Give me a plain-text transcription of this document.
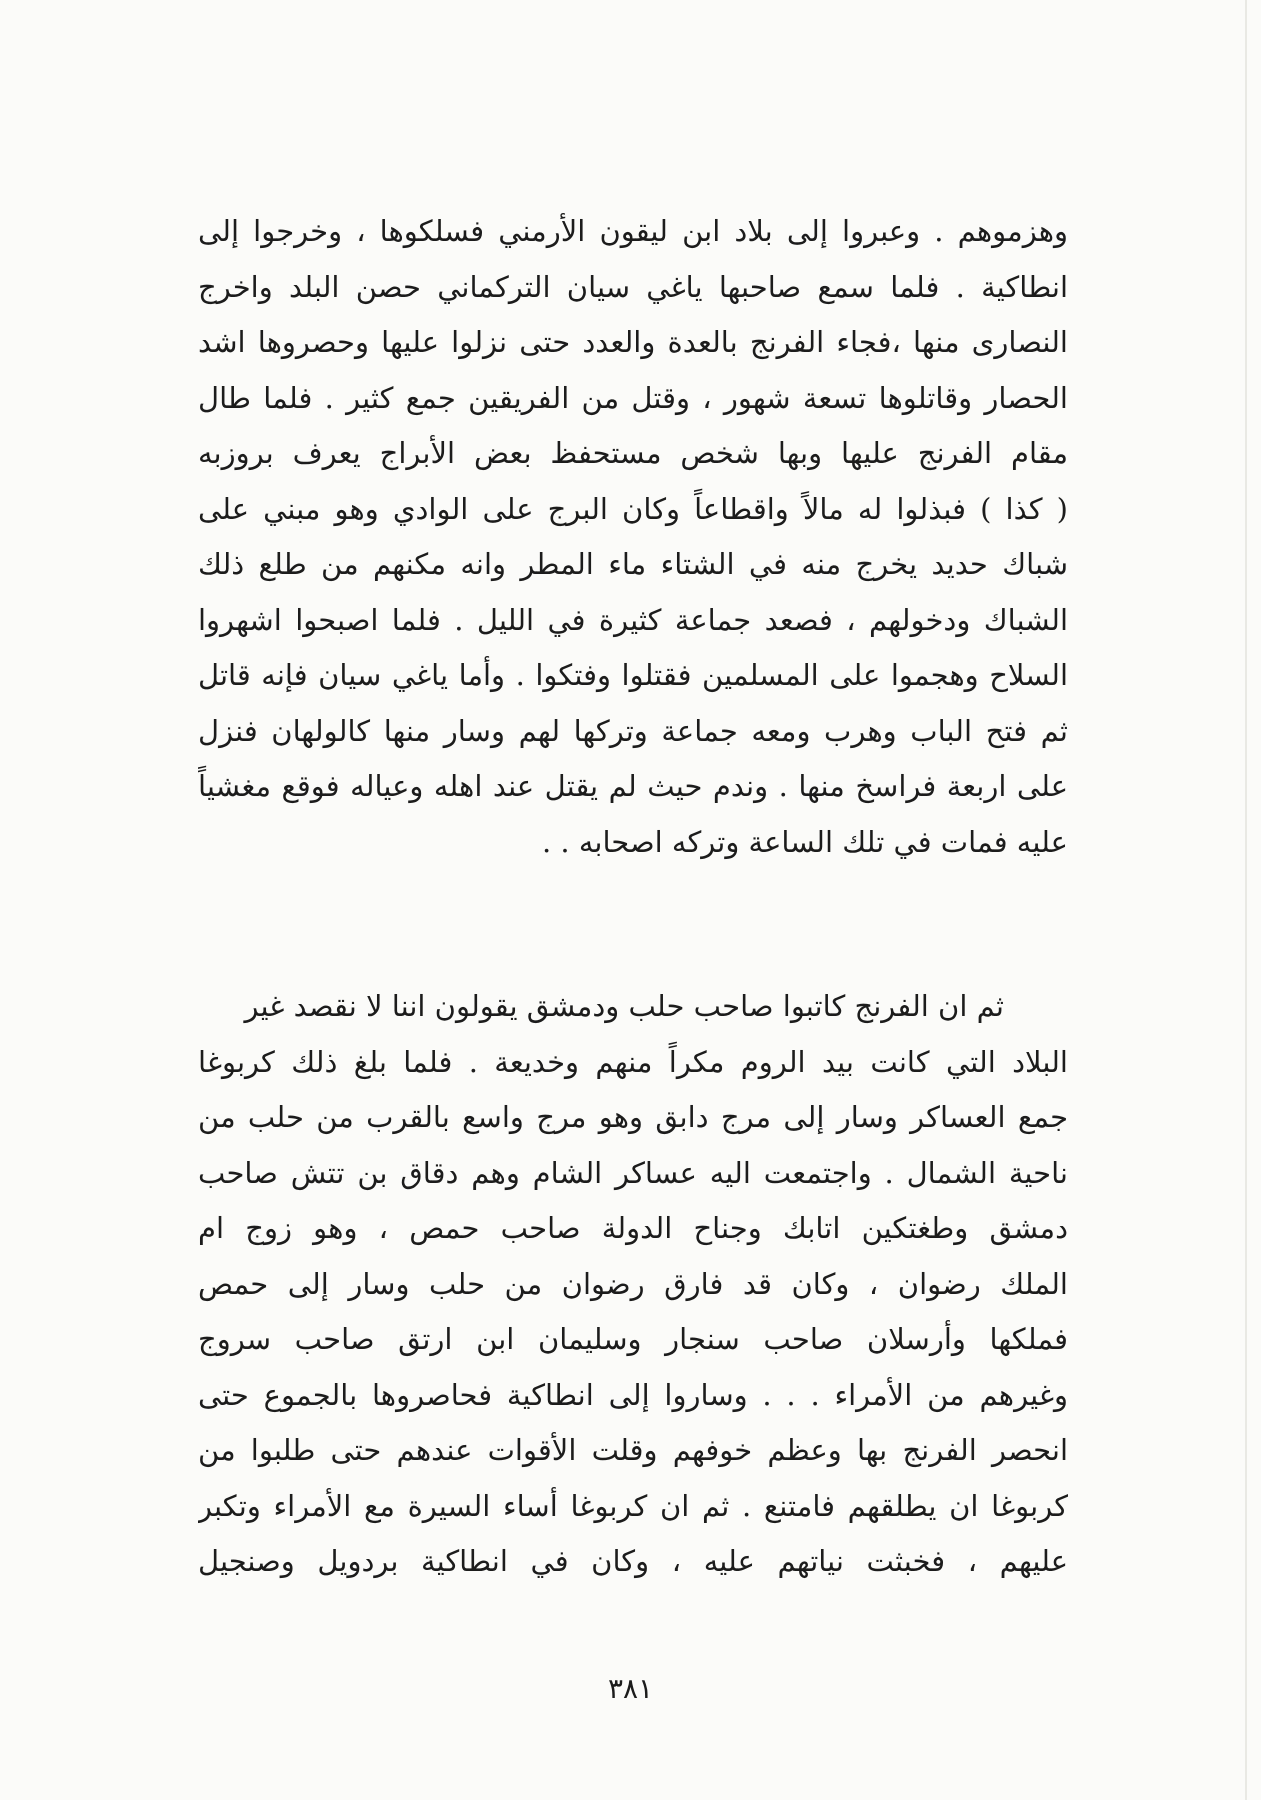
وهزموهم . وعبروا إلى بلاد ابن ليقون الأرمني فسلكوها ، وخرجوا إلى
انطاكية . فلما سمع صاحبها ياغي سيان التركماني حصن البلد واخرج
النصارى منها ،فجاء الفرنج بالعدة والعدد حتى نزلوا عليها وحصروها اشد
الحصار وقاتلوها تسعة شهور ، وقتل من الفريقين جمع كثير . فلما طال
مقام الفرنج عليها وبها شخص مستحفظ بعض الأبراج يعرف بروزبه
( كذا ) فبذلوا له مالاً واقطاعاً وكان البرج على الوادي وهو مبني على
شباك حديد يخرج منه في الشتاء ماء المطر وانه مكنهم من طلع ذلك
الشباك ودخولهم ، فصعد جماعة كثيرة في الليل . فلما اصبحوا اشهروا
السلاح وهجموا على المسلمين فقتلوا وفتكوا . وأما ياغي سيان فإنه قاتل
ثم فتح الباب وهرب ومعه جماعة وتركها لهم وسار منها كالولهان فنزل
على اربعة فراسخ منها . وندم حيث لم يقتل عند اهله وعياله فوقع مغشياً
عليه فمات في تلك الساعة وتركه اصحابه . .
ثم ان الفرنج كاتبوا صاحب حلب ودمشق يقولون اننا لا نقصد غير
البلاد التي كانت بيد الروم مكراً منهم وخديعة . فلما بلغ ذلك كربوغا
جمع العساكر وسار إلى مرج دابق وهو مرج واسع بالقرب من حلب من
ناحية الشمال . واجتمعت اليه عساكر الشام وهم دقاق بن تتش صاحب
دمشق وطغتكين اتابك وجناح الدولة صاحب حمص ، وهو زوج ام
الملك رضوان ، وكان قد فارق رضوان من حلب وسار إلى حمص
فملكها وأرسلان صاحب سنجار وسليمان ابن ارتق صاحب سروج
وغيرهم من الأمراء . . . وساروا إلى انطاكية فحاصروها بالجموع حتى
انحصر الفرنج بها وعظم خوفهم وقلت الأقوات عندهم حتى طلبوا من
كربوغا ان يطلقهم فامتنع . ثم ان كربوغا أساء السيرة مع الأمراء وتكبر
عليهم ، فخبثت نياتهم عليه ، وكان في انطاكية بردويل وصنجيل
٣٨١
